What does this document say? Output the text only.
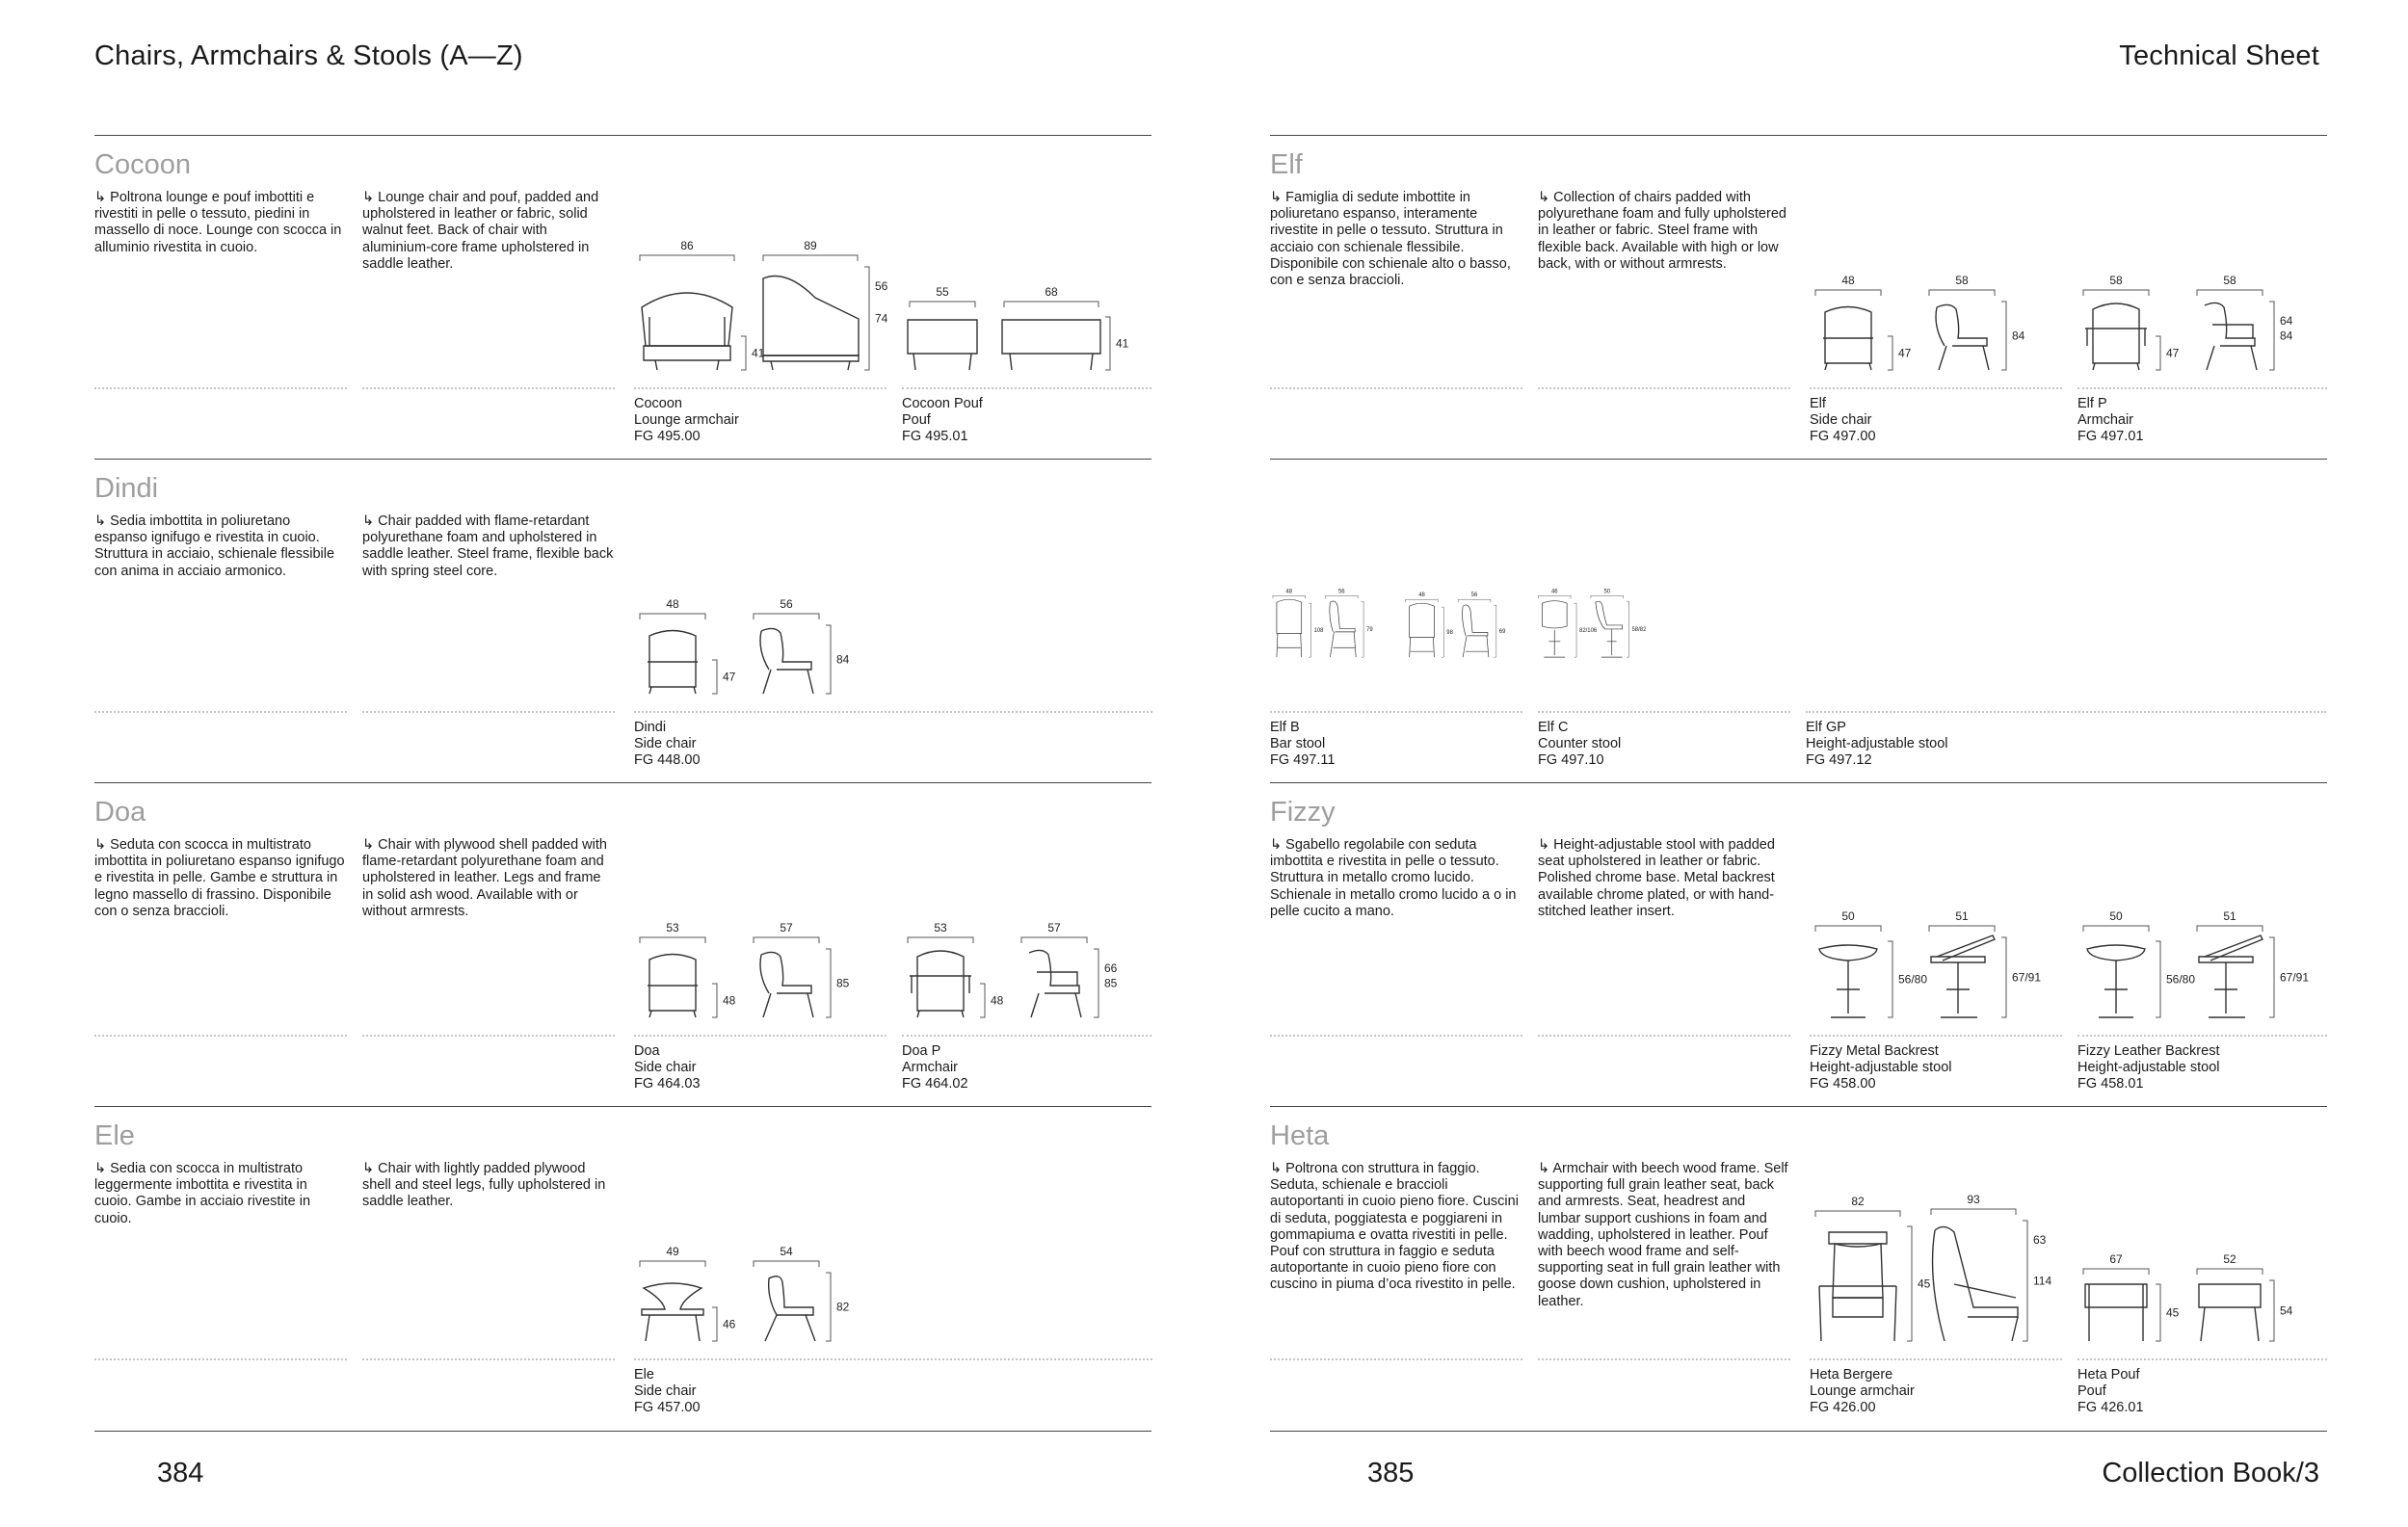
Chairs, Armchairs & Stools (A—Z)	Technical Sheet
Cocoon
↳ Poltrona lounge e pouf imbottiti e rivestiti in pelle o tessuto, piedini in massello di noce. Lounge con scocca in alluminio rivestita in cuoio.
↳ Lounge chair and pouf, padded and upholstered in leather or fabric, solid walnut feet. Back of chair with aluminium-core frame upholstered in saddle leather.
86
41
89
74
56	55	68
41
Cocoon
Lounge armchair
FG 495.00
Cocoon Pouf
Pouf
FG 495.01
Dindi
↳ Sedia imbottita in poliuretano espanso ignifugo e rivestita in cuoio. Struttura in acciaio, schienale flessibile con anima in acciaio armonico.
↳ Chair padded with flame-retardant polyurethane foam and upholstered in saddle leather. Steel frame, flexible back with spring steel core.
48
47
56
84
Dindi
Side chair
FG 448.00
Doa
↳ Seduta con scocca in multistrato imbottita in poliuretano espanso ignifugo e rivestita in pelle. Gambe e struttura in legno massello di frassino. Disponibile con o senza braccioli.
↳ Chair with plywood shell padded with flame-retardant polyurethane foam and upholstered in leather. Legs and frame in solid ash wood. Available with or without armrests.
53
48
57
85
53
48
57
85
66
Doa
Side chair
FG 464.03
Doa P
Armchair
FG 464.02
Ele
↳ Sedia con scocca in multistrato leggermente imbottita e rivestita in cuoio. Gambe in acciaio rivestite in cuoio.
↳ Chair with lightly padded plywood shell and steel legs, fully upholstered in saddle leather.
49
46
54
82
Ele
Side chair
FG 457.00
Elf
↳ Famiglia di sedute imbottite in poliuretano espanso, interamente rivestite in pelle o tessuto. Struttura in acciaio con schienale flessibile. Disponibile con schienale alto o basso, con e senza braccioli.
↳ Collection of chairs padded with polyurethane foam and fully upholstered in leather or fabric. Steel frame with flexible back. Available with high or low back, with or without armrests.
48
47
58
84
58
47
58
84
64
Elf
Side chair
FG 497.00
Elf P
Armchair
FG 497.01
48
108
56
79
48
98
56
69
46
82/106
50
58/82
Elf B
Bar stool
FG 497.11
Elf C
Counter stool
FG 497.10
Elf GP
Height-adjustable stool
FG 497.12
Fizzy
↳ Sgabello regolabile con seduta imbottita e rivestita in pelle o tessuto. Struttura in metallo cromo lucido. Schienale in metallo cromo lucido a o in pelle cucito a mano.
↳ Height-adjustable stool with padded seat upholstered in leather or fabric. Polished chrome base. Metal backrest available chrome plated, or with hand-stitched leather insert.	50
56/80
51
67/91
50
56/80
51
67/91
Fizzy Metal Backrest
Height-adjustable stool
FG 458.00
Fizzy Leather Backrest
Height-adjustable stool
FG 458.01
Heta
↳ Poltrona con struttura in faggio. Seduta, schienale e braccioli autoportanti in cuoio pieno fiore. Cuscini di seduta, poggiatesta e poggiareni in gommapiuma e ovatta rivestiti in pelle. Pouf con struttura in faggio e seduta autoportante in cuoio pieno fiore con cuscino in piuma d’oca rivestito in pelle.
↳ Armchair with beech wood frame. Self supporting full grain leather seat, back and armrests. Seat, headrest and lumbar support cushions in foam and wadding, upholstered in leather. Pouf with beech wood frame and self-supporting seat in full grain leather with goose down cushion, upholstered in leather.
82
45
93
114
63
67
45
52
54
Heta Bergere
Lounge armchair
FG 426.00
Heta Pouf
Pouf
FG 426.01
384	385	Collection Book/3
